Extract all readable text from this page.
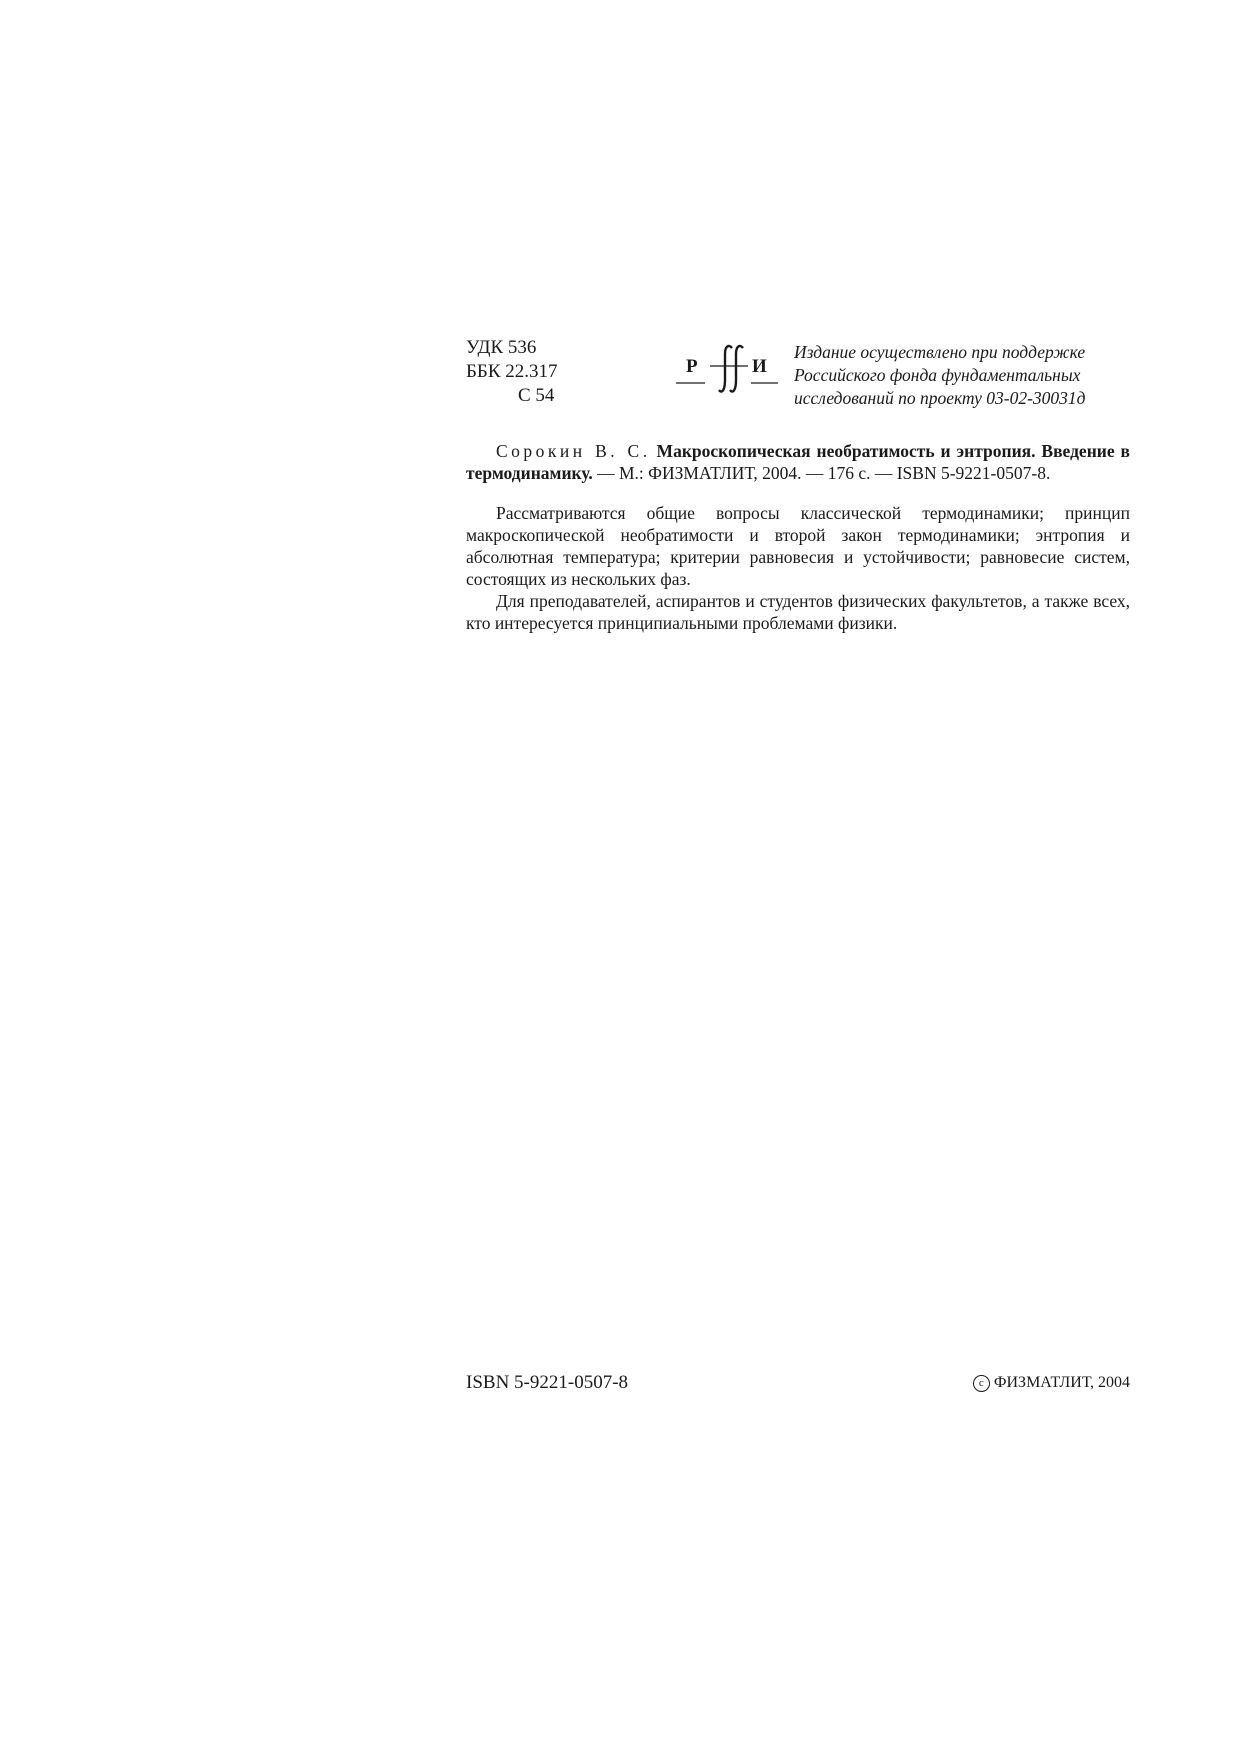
УДК 536
ББК 22.317
С 54
Р	И
Издание осуществлено при поддержке
Российского фонда фундаментальных
исследований по проекту 03-02-30031д

Сорокин В. С. Макроскопическая необратимость и энтропия. Введение в термодинамику. — М.: ФИЗМАТЛИТ, 2004. — 176 с. — ISBN 5-9221-0507-8.

Рассматриваются общие вопросы классической термодинамики; принцип макроскопической необратимости и второй закон термодинамики; энтропия и абсолютная температура; критерии равновесия и устойчивости; равновесие систем, состоящих из нескольких фаз.

Для преподавателей, аспирантов и студентов физических факультетов, а также всех, кто интересуется принципиальными проблемами физики.

ISBN 5-9221-0507-8	c ФИЗМАТЛИТ, 2004
